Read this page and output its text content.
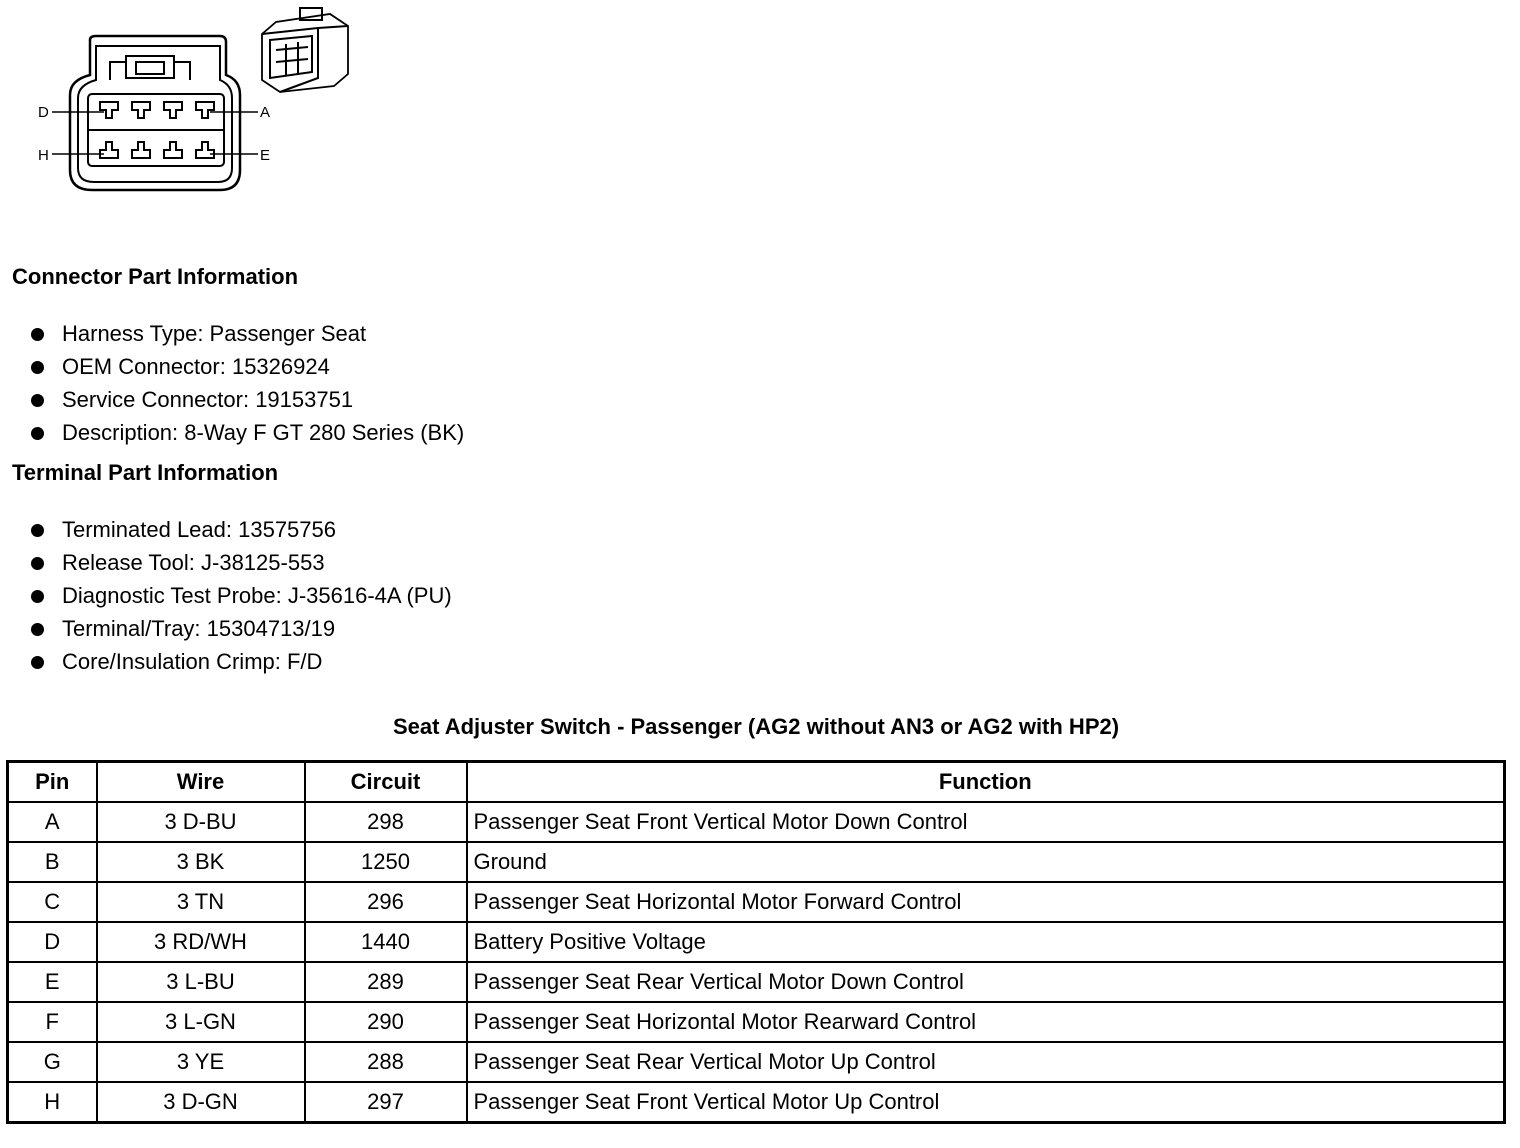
D	A
H	E
Connector Part Information
Harness Type: Passenger Seat
OEM Connector: 15326924
Service Connector: 19153751
Description: 8-Way F GT 280 Series (BK)
Terminal Part Information
Terminated Lead: 13575756
Release Tool: J-38125-553
Diagnostic Test Probe: J-35616-4A (PU)
Terminal/Tray: 15304713/19
Core/Insulation Crimp: F/D
Seat Adjuster Switch - Passenger (AG2 without AN3 or AG2 with HP2)
Pin	Wire	Circuit	Function
A	3 D-BU	298	Passenger Seat Front Vertical Motor Down Control
B	3 BK	1250	Ground
C	3 TN	296	Passenger Seat Horizontal Motor Forward Control
D	3 RD/WH	1440	Battery Positive Voltage
E	3 L-BU	289	Passenger Seat Rear Vertical Motor Down Control
F	3 L-GN	290	Passenger Seat Horizontal Motor Rearward Control
G	3 YE	288	Passenger Seat Rear Vertical Motor Up Control
H	3 D-GN	297	Passenger Seat Front Vertical Motor Up Control
